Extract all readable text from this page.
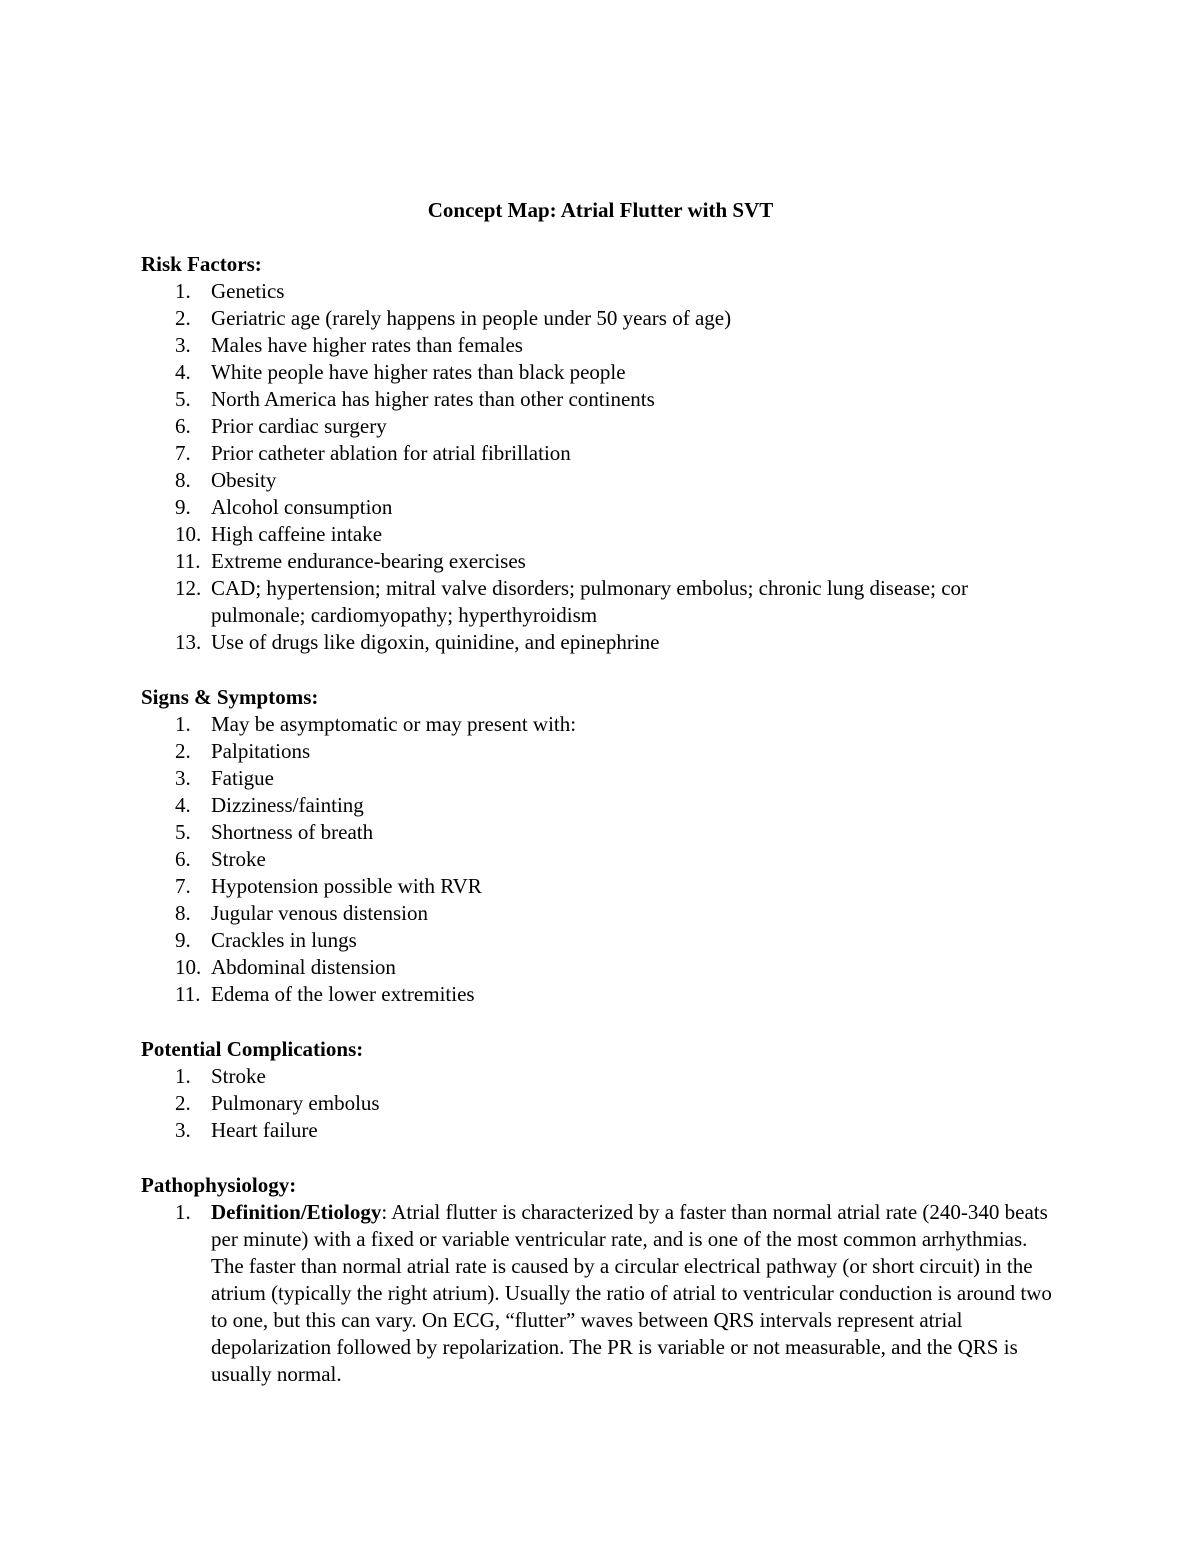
Concept Map: Atrial Flutter with SVT
Risk Factors:
1. Genetics
2. Geriatric age (rarely happens in people under 50 years of age)
3. Males have higher rates than females
4. White people have higher rates than black people
5. North America has higher rates than other continents
6. Prior cardiac surgery
7. Prior catheter ablation for atrial fibrillation
8. Obesity
9. Alcohol consumption
10. High caffeine intake
11. Extreme endurance-bearing exercises
12. CAD; hypertension; mitral valve disorders; pulmonary embolus; chronic lung disease; cor pulmonale; cardiomyopathy; hyperthyroidism
13. Use of drugs like digoxin, quinidine, and epinephrine
Signs & Symptoms:
1. May be asymptomatic or may present with:
2. Palpitations
3. Fatigue
4. Dizziness/fainting
5. Shortness of breath
6. Stroke
7. Hypotension possible with RVR
8. Jugular venous distension
9. Crackles in lungs
10. Abdominal distension
11. Edema of the lower extremities
Potential Complications:
1. Stroke
2. Pulmonary embolus
3. Heart failure
Pathophysiology:
1. Definition/Etiology: Atrial flutter is characterized by a faster than normal atrial rate (240-340 beats per minute) with a fixed or variable ventricular rate, and is one of the most common arrhythmias. The faster than normal atrial rate is caused by a circular electrical pathway (or short circuit) in the atrium (typically the right atrium). Usually the ratio of atrial to ventricular conduction is around two to one, but this can vary. On ECG, “flutter” waves between QRS intervals represent atrial depolarization followed by repolarization. The PR is variable or not measurable, and the QRS is usually normal.
